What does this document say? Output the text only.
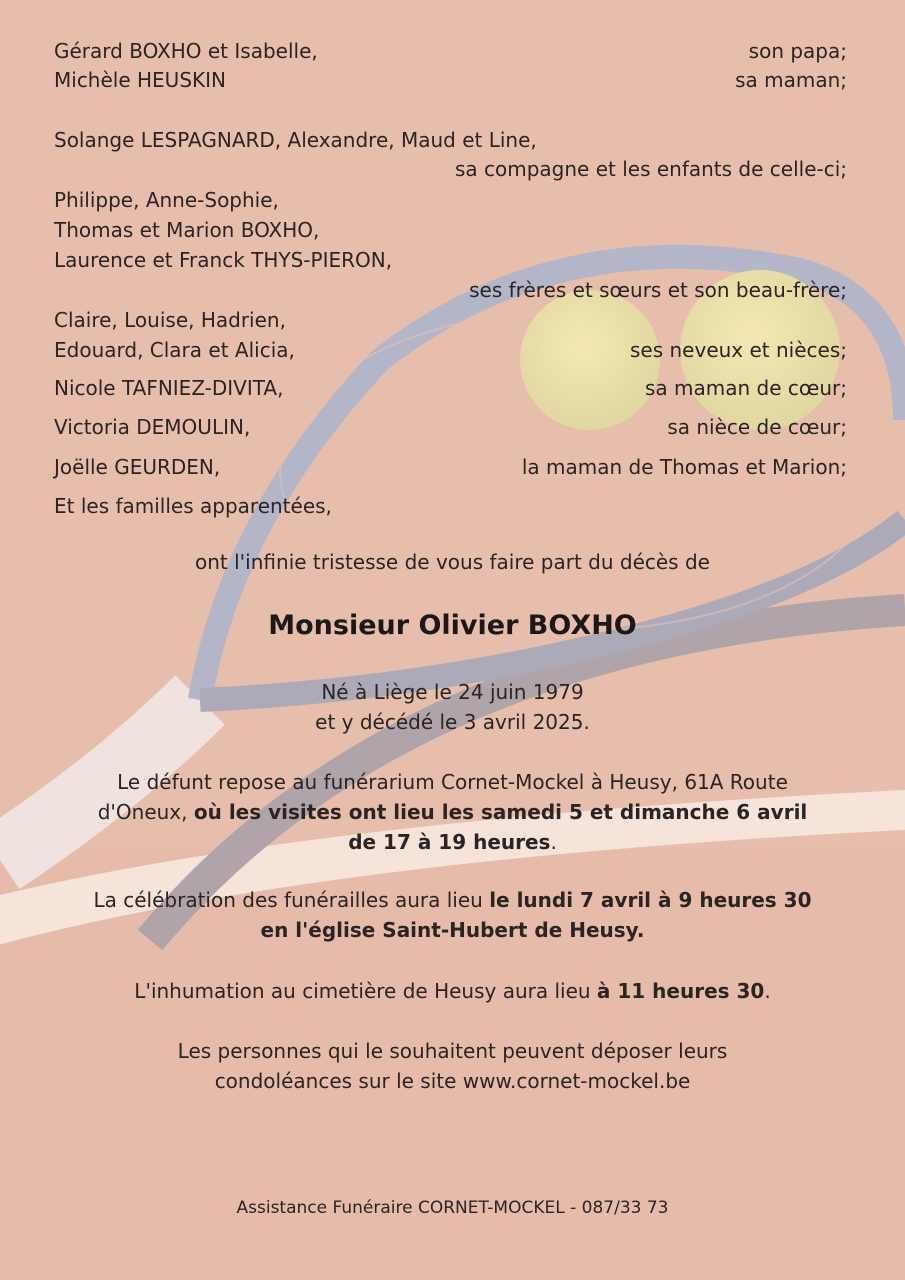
Gérard BOXHO et Isabelle,	son papa;
Michèle HEUSKIN	sa maman;
Solange LESPAGNARD, Alexandre, Maud et Line,
sa compagne et les enfants de celle-ci;
Philippe, Anne-Sophie,
Thomas et Marion BOXHO,
Laurence et Franck THYS-PIERON,
ses frères et sœurs et son beau-frère;
Claire, Louise, Hadrien,
Edouard, Clara et Alicia,	ses neveux et nièces;
Nicole TAFNIEZ-DIVITA,	sa maman de cœur;
Victoria DEMOULIN,	sa nièce de cœur;
Joëlle GEURDEN,	la maman de Thomas et Marion;
Et les familles apparentées,
ont l'infinie tristesse de vous faire part du décès de
Monsieur Olivier BOXHO
Né à Liège le 24 juin 1979
et y décédé le 3 avril 2025.
Le défunt repose au funérarium Cornet-Mockel à Heusy, 61A Route
d'Oneux, où les visites ont lieu les samedi 5 et dimanche 6 avril
de 17 à 19 heures.
La célébration des funérailles aura lieu le lundi 7 avril à 9 heures 30
en l'église Saint-Hubert de Heusy.
L'inhumation au cimetière de Heusy aura lieu à 11 heures 30.
Les personnes qui le souhaitent peuvent déposer leurs
condoléances sur le site www.cornet-mockel.be
Assistance Funéraire CORNET-MOCKEL - 087/33 73
